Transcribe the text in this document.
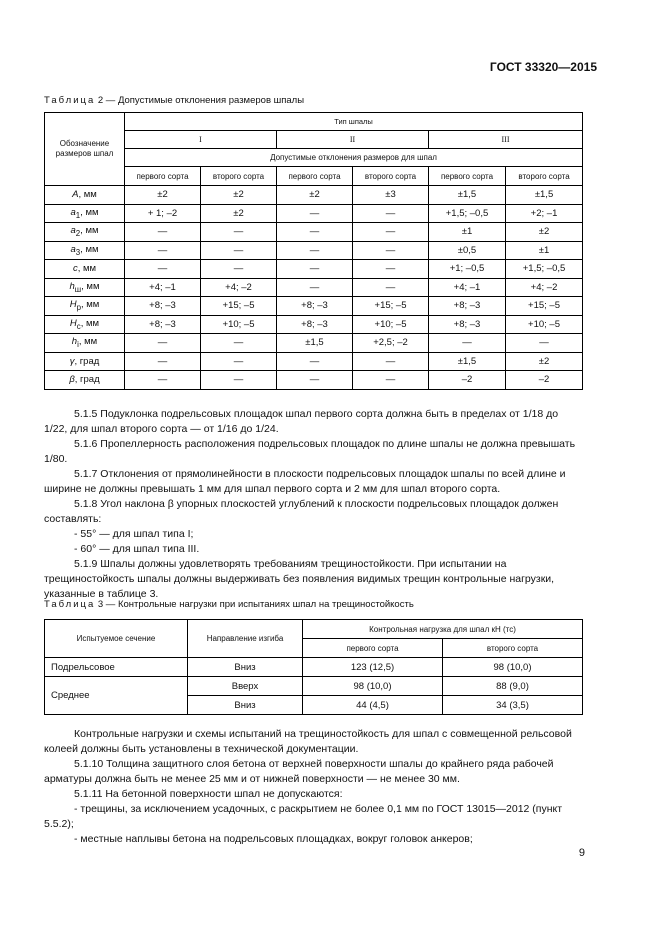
ГОСТ 33320—2015
Таблица 2 — Допустимые отклонения размеров шпалы
Обозначение размеров шпал	Тип шпалы					
	I		II		III	
	Допустимые отклонения размеров для шпал					
	первого сорта	второго сорта	первого сорта	второго сорта	первого сорта	второго сорта
A, мм	±2	±2	±2	±3	±1,5	±1,5
$a_1$, мм	+ 1; –2	±2	—	—	+1,5; –0,5	+2; –1
$a_2$, мм	—	—	—	—	±1	±2
$a_3$, мм	—	—	—	—	±0,5	±1
c, мм	—	—	—	—	+1; –0,5	+1,5; –0,5
$h_ш$, мм	+4; –1	+4; –2	—	—	+4; –1	+4; –2
$H_p$, мм	+8; –3	+15; –5	+8; –3	+15; –5	+8; –3	+15; –5
$H_c$, мм	+8; –3	+10; –5	+8; –3	+10; –5	+8; –3	+10; –5
$h_i$, мм	—	—	±1,5	+2,5; –2	—	—
γ, град	—	—	—	—	±1,5	±2
β, град	—	—	—	—	–2	–2

5.1.5 Подуклонка подрельсовых площадок шпал первого сорта должна быть в пределах от 1/18 до 1/22, для шпал второго сорта — от 1/16 до 1/24.

5.1.6 Пропеллерность расположения подрельсовых площадок по длине шпалы не должна превышать 1/80.

5.1.7 Отклонения от прямолинейности в плоскости подрельсовых площадок шпалы по всей длине и ширине не должны превышать 1 мм для шпал первого сорта и 2 мм для шпал второго сорта.

5.1.8 Угол наклона β упорных плоскостей углублений к плоскости подрельсовых площадок должен составлять:

- 55° — для шпал типа I;

- 60° — для шпал типа III.

5.1.9 Шпалы должны удовлетворять требованиям трещиностойкости. При испытании на трещиностойкость шпалы должны выдерживать без появления видимых трещин контрольные нагрузки, указанные в таблице 3.

Таблица 3 — Контрольные нагрузки при испытаниях шпал на трещиностойкость
Испытуемое сечение	Направление изгиба	Контрольная нагрузка для шпал кН (тс)	
		первого сорта	второго сорта
Подрельсовое	Вниз	123 (12,5)	98 (10,0)
Среднее	Вверх	98 (10,0)	88 (9,0)
	Вниз	44 (4,5)	34 (3,5)

Контрольные нагрузки и схемы испытаний на трещиностойкость для шпал с совмещенной рельсовой колеей должны быть установлены в технической документации.

5.1.10 Толщина защитного слоя бетона от верхней поверхности шпалы до крайнего ряда рабочей арматуры должна быть не менее 25 мм и от нижней поверхности — не менее 30 мм.

5.1.11 На бетонной поверхности шпал не допускаются:

- трещины, за исключением усадочных, с раскрытием не более 0,1 мм по ГОСТ 13015—2012 (пункт 5.5.2);

- местные наплывы бетона на подрельсовых площадках, вокруг головок анкеров;

9
